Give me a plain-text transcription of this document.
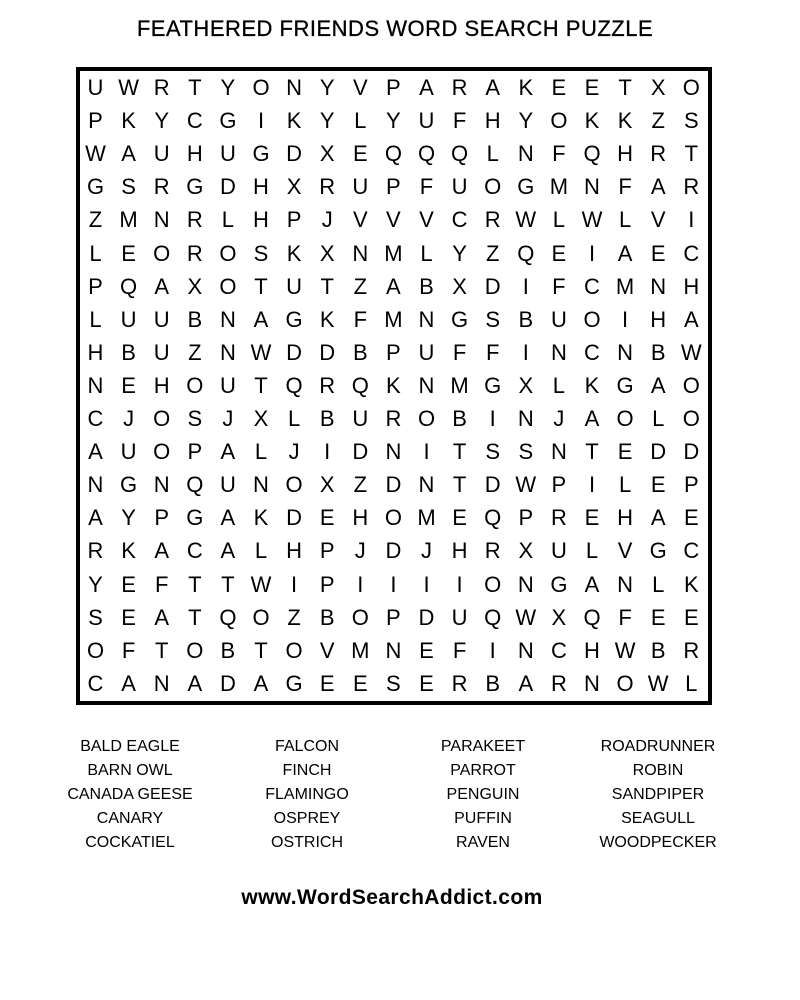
FEATHERED FRIENDS WORD SEARCH PUZZLE
U W R T Y O N Y V P A R A K E E T X O
P K Y C G I	K Y L Y U F H Y O K K Z S
W A U H U G D X E Q Q Q L N F Q H R T
G S R G D H X R U P F U O G M N F A R
Z M N R L H P J V V V C R W L W L V	I
L E O R O S K X N M L Y Z Q E	I	A E C
P Q A X O T U T Z A B X D	I	F C M N H
L U U B N A G K F M N G S B U O I	H A
H B U Z N W D D B P U F F	I	N C N B W
N E H O U T Q R Q K N M G X L K G A O
C J O S J X L B U R O B	I	N J A O L O
A U O P A L J	I	D N	I	T S S N T E D D
N G N Q U N O X Z D N T D W P	I	L E P
A Y P G A K D E H O M E Q P R E H A E
R K A C A L H P J D J H R X U L V G C
Y E F T T W I	P	I	I	I	I O N G A N L K
S E A T Q O Z B O P D U Q W X Q F E E
O F T O B T O V M N E F	I	N C H W B R
C A N A D A G E E S E R B A R N O W L
BALD EAGLE
BARN OWL
CANADA GEESE
CANARY
COCKATIEL
FALCON
FINCH
FLAMINGO
OSPREY
OSTRICH
PARAKEET
PARROT
PENGUIN
PUFFIN
RAVEN
ROADRUNNER
ROBIN
SANDPIPER
SEAGULL
WOODPECKER
www.WordSearchAddict.com
